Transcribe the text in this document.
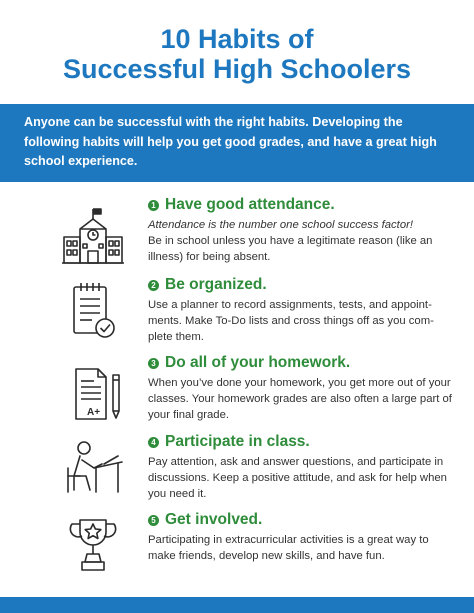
10 Habits of
Successful High Schoolers
Anyone can be successful with the right habits. Developing the following habits will help you get good grades, and have a great high school experience.
1 Have good attendance.
Attendance is the number one school success factor!
Be in school unless you have a legitimate reason (like an illness) for being absent.
2 Be organized.
Use a planner to record assignments, tests, and appoint-ments. Make To-Do lists and cross things off as you com-plete them.
A+
3 Do all of your homework.
When you’ve done your homework, you get more out of your classes. Your homework grades are also often a large part of your final grade.
4 Participate in class.
Pay attention, ask and answer questions, and participate in discussions. Keep a positive attitude, and ask for help when you need it.
5 Get involved.
Participating in extracurricular activities is a great way to make friends, develop new skills, and have fun.
